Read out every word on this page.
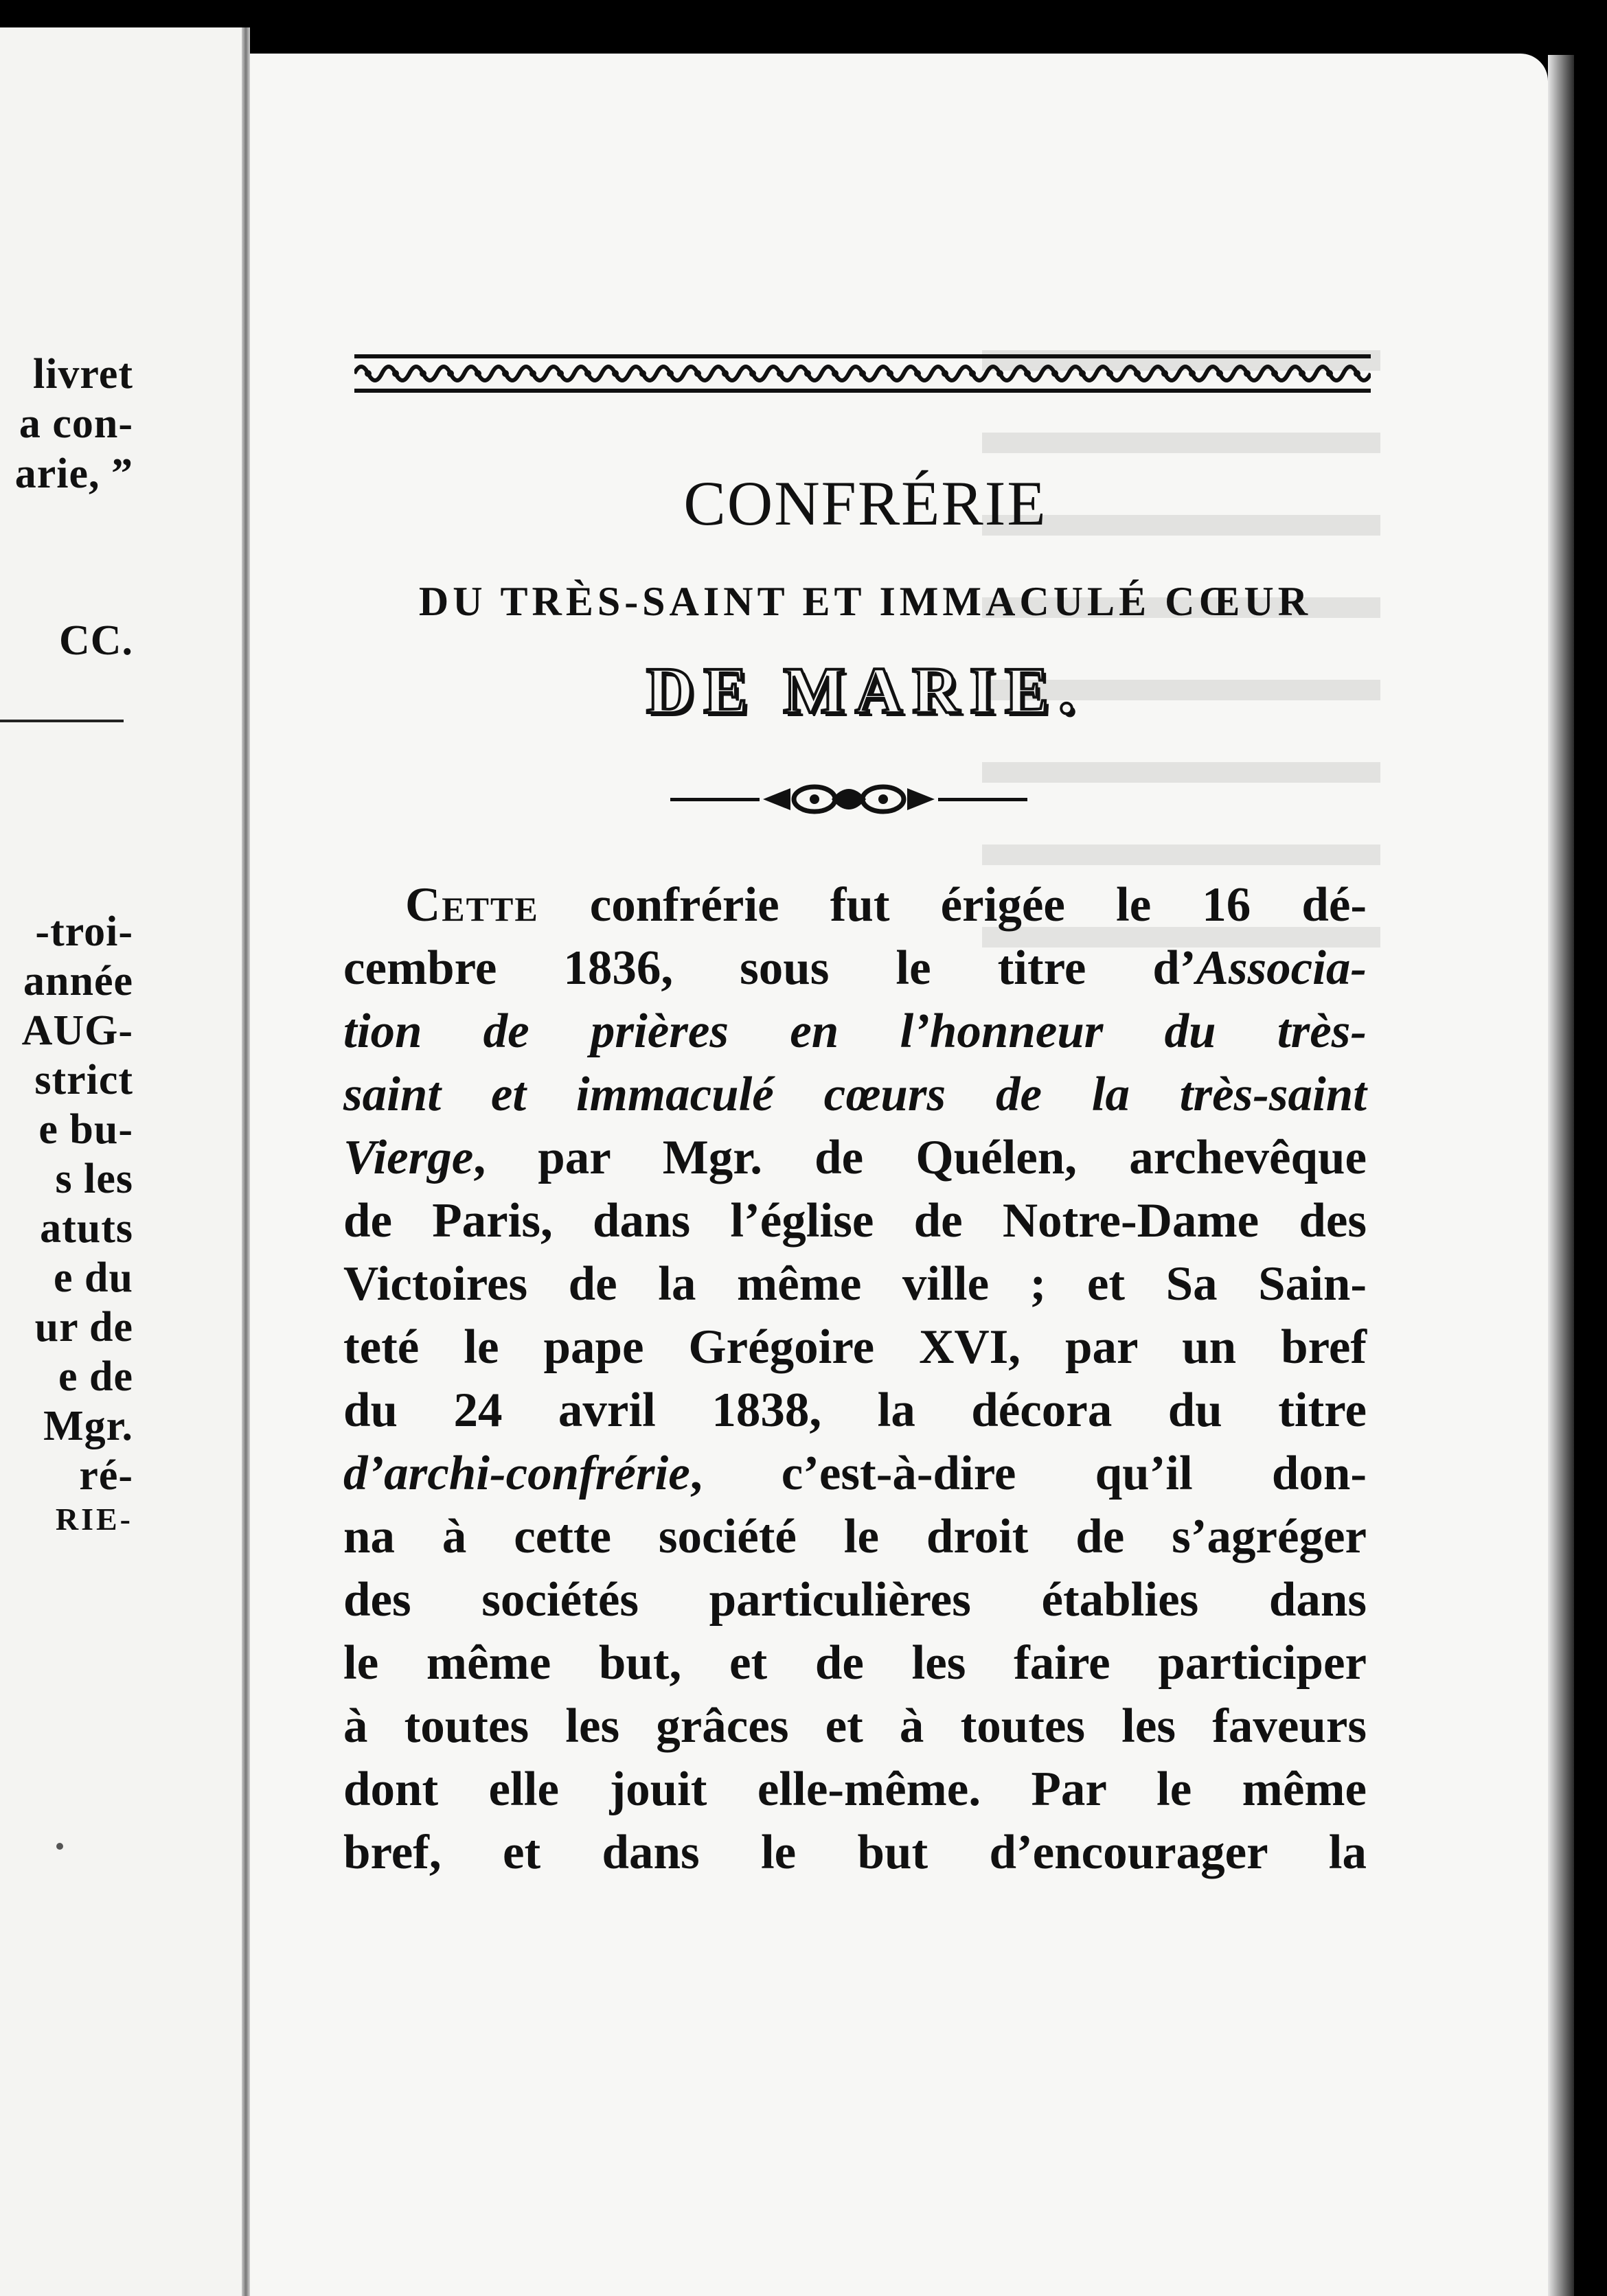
livret
a con-
arie, ”
CC.
-troi-
année
AUG-
strict
e bu-
s les
atuts
e du
ur de
e de
Mgr.
ré-
RIE-
CONFRÉRIE
DU TRÈS-SAINT ET IMMACULÉ CŒUR
DE MARIE.
Cette confrérie fut érigée le 16 dé-
cembre 1836, sous le titre d’Associa-
tion de prières en l’honneur du très-
saint et immaculé cœurs de la très-saint
Vierge, par Mgr. de Quélen, archevêque
de Paris, dans l’église de Notre-Dame des
Victoires de la même ville ; et Sa Sain-
teté le pape Grégoire XVI, par un bref
du 24 avril 1838, la décora du titre
d’archi-confrérie, c’est-à-dire qu’il don-
na à cette société le droit de s’agréger
des sociétés particulières établies dans
le même but, et de les faire participer
à toutes les grâces et à toutes les faveurs
dont elle jouit elle-même. Par le même
bref, et dans le but d’encourager la
